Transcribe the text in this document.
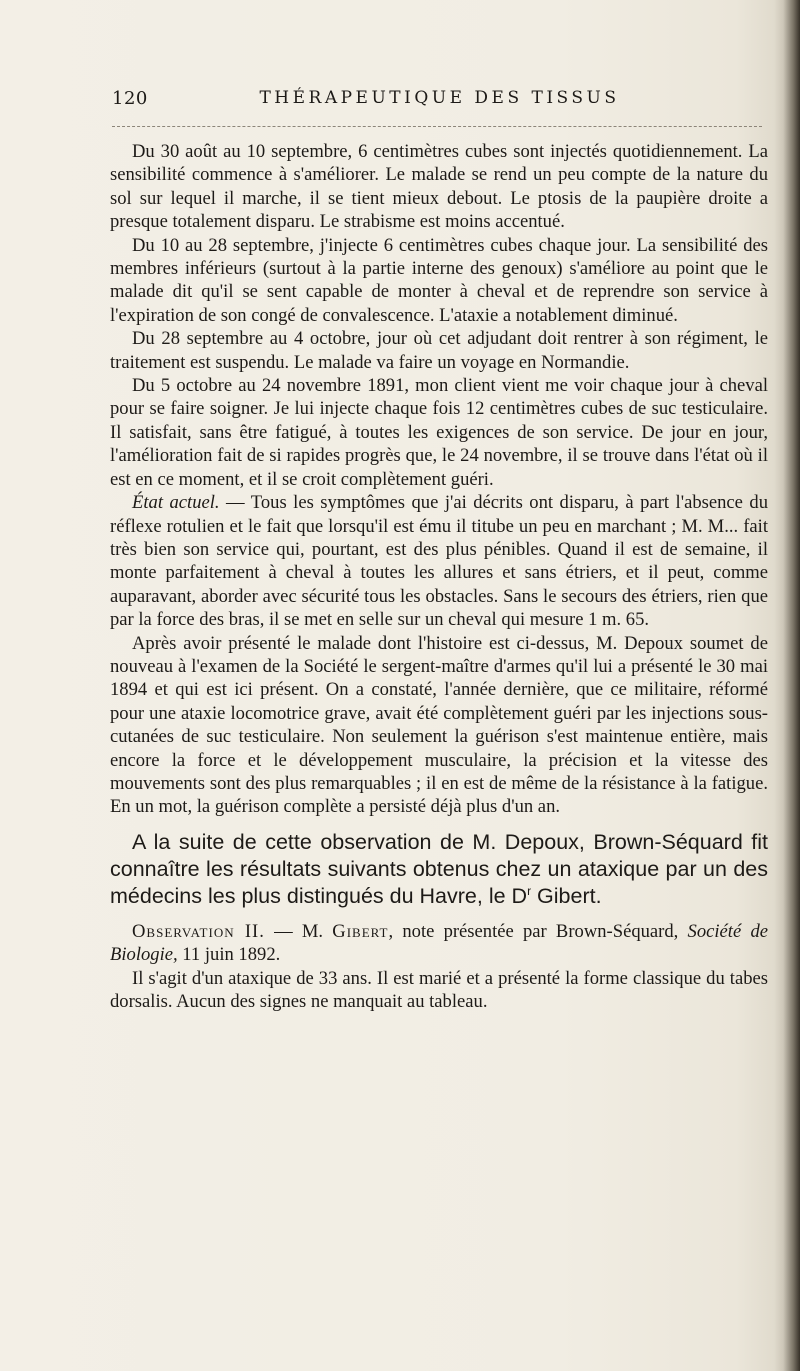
120	THÉRAPEUTIQUE DES TISSUS

Du 30 août au 10 septembre, 6 centimètres cubes sont injectés quotidiennement. La sensibilité commence à s'améliorer. Le malade se rend un peu compte de la nature du sol sur lequel il marche, il se tient mieux debout. Le ptosis de la paupière droite a presque totalement disparu. Le strabisme est moins accentué.

Du 10 au 28 septembre, j'injecte 6 centimètres cubes chaque jour. La sensibilité des membres inférieurs (surtout à la partie interne des genoux) s'améliore au point que le malade dit qu'il se sent capable de monter à cheval et de reprendre son service à l'expiration de son congé de convalescence. L'ataxie a notablement diminué.

Du 28 septembre au 4 octobre, jour où cet adjudant doit rentrer à son régiment, le traitement est suspendu. Le malade va faire un voyage en Normandie.

Du 5 octobre au 24 novembre 1891, mon client vient me voir chaque jour à cheval pour se faire soigner. Je lui injecte chaque fois 12 centimètres cubes de suc testiculaire. Il satisfait, sans être fatigué, à toutes les exigences de son service. De jour en jour, l'amélioration fait de si rapides progrès que, le 24 novembre, il se trouve dans l'état où il est en ce moment, et il se croit complètement guéri.

État actuel. — Tous les symptômes que j'ai décrits ont disparu, à part l'absence du réflexe rotulien et le fait que lorsqu'il est ému il titube un peu en marchant ; M. M... fait très bien son service qui, pourtant, est des plus pénibles. Quand il est de semaine, il monte parfaitement à cheval à toutes les allures et sans étriers, et il peut, comme auparavant, aborder avec sécurité tous les obstacles. Sans le secours des étriers, rien que par la force des bras, il se met en selle sur un cheval qui mesure 1 m. 65.

Après avoir présenté le malade dont l'histoire est ci-dessus, M. Depoux soumet de nouveau à l'examen de la Société le sergent-maître d'armes qu'il lui a présenté le 30 mai 1894 et qui est ici présent. On a constaté, l'année dernière, que ce militaire, réformé pour une ataxie locomotrice grave, avait été complètement guéri par les injections sous-cutanées de suc testiculaire. Non seulement la guérison s'est maintenue entière, mais encore la force et le développement musculaire, la précision et la vitesse des mouvements sont des plus remarquables ; il en est de même de la résistance à la fatigue. En un mot, la guérison complète a persisté déjà plus d'un an.

A la suite de cette observation de M. Depoux, Brown-Séquard fit connaître les résultats suivants obtenus chez un ataxique par un des médecins les plus distingués du Havre, le $D^r$ Gibert.

Observation II. — M. Gibert, note présentée par Brown-Séquard, Société de Biologie, 11 juin 1892.

Il s'agit d'un ataxique de 33 ans. Il est marié et a présenté la forme classique du tabes dorsalis. Aucun des signes ne manquait au tableau.
